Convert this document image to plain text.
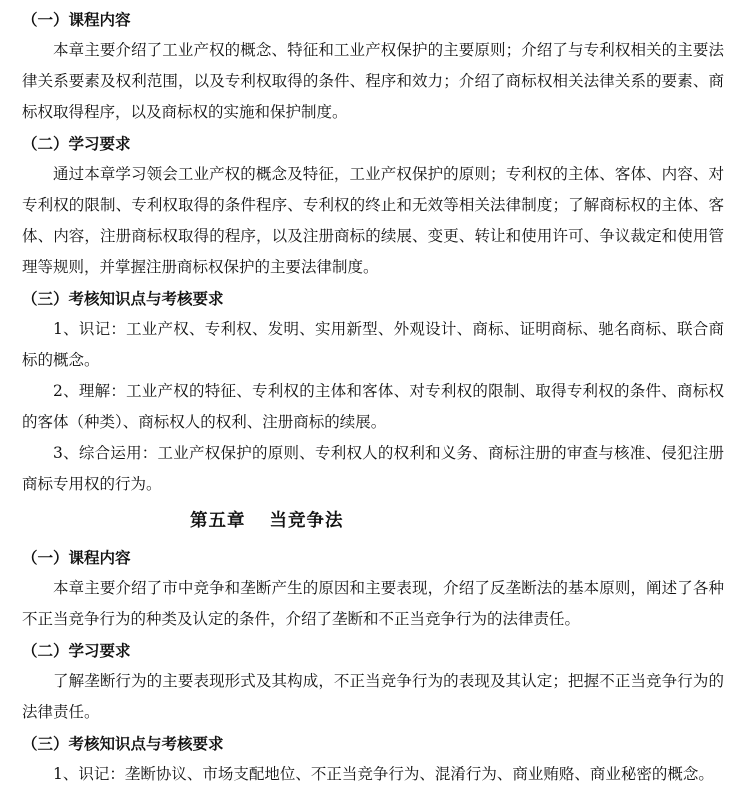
（一）课程内容

本章主要介绍了工业产权的概念、特征和工业产权保护的主要原则；介绍了与专利权相关的主要法律关系要素及权利范围，以及专利权取得的条件、程序和效力；介绍了商标权相关法律关系的要素、商标权取得程序，以及商标权的实施和保护制度。

（二）学习要求

通过本章学习领会工业产权的概念及特征，工业产权保护的原则；专利权的主体、客体、内容、对专利权的限制、专利权取得的条件程序、专利权的终止和无效等相关法律制度；了解商标权的主体、客体、内容，注册商标权取得的程序，以及注册商标的续展、变更、转让和使用许可、争议裁定和使用管理等规则，并掌握注册商标权保护的主要法律制度。

（三）考核知识点与考核要求

1、识记：工业产权、专利权、发明、实用新型、外观设计、商标、证明商标、驰名商标、联合商标的概念。

2、理解：工业产权的特征、专利权的主体和客体、对专利权的限制、取得专利权的条件、商标权的客体（种类）、商标权人的权利、注册商标的续展。

3、综合运用：工业产权保护的原则、专利权人的权利和义务、商标注册的审查与核准、侵犯注册商标专用权的行为。

第五章 当竞争法

（一）课程内容

本章主要介绍了市中竞争和垄断产生的原因和主要表现，介绍了反垄断法的基本原则，阐述了各种不正当竞争行为的种类及认定的条件，介绍了垄断和不正当竞争行为的法律责任。

（二）学习要求

了解垄断行为的主要表现形式及其构成，不正当竞争行为的表现及其认定；把握不正当竞争行为的法律责任。

（三）考核知识点与考核要求

1、识记：垄断协议、市场支配地位、不正当竞争行为、混淆行为、商业贿赂、商业秘密的概念。
